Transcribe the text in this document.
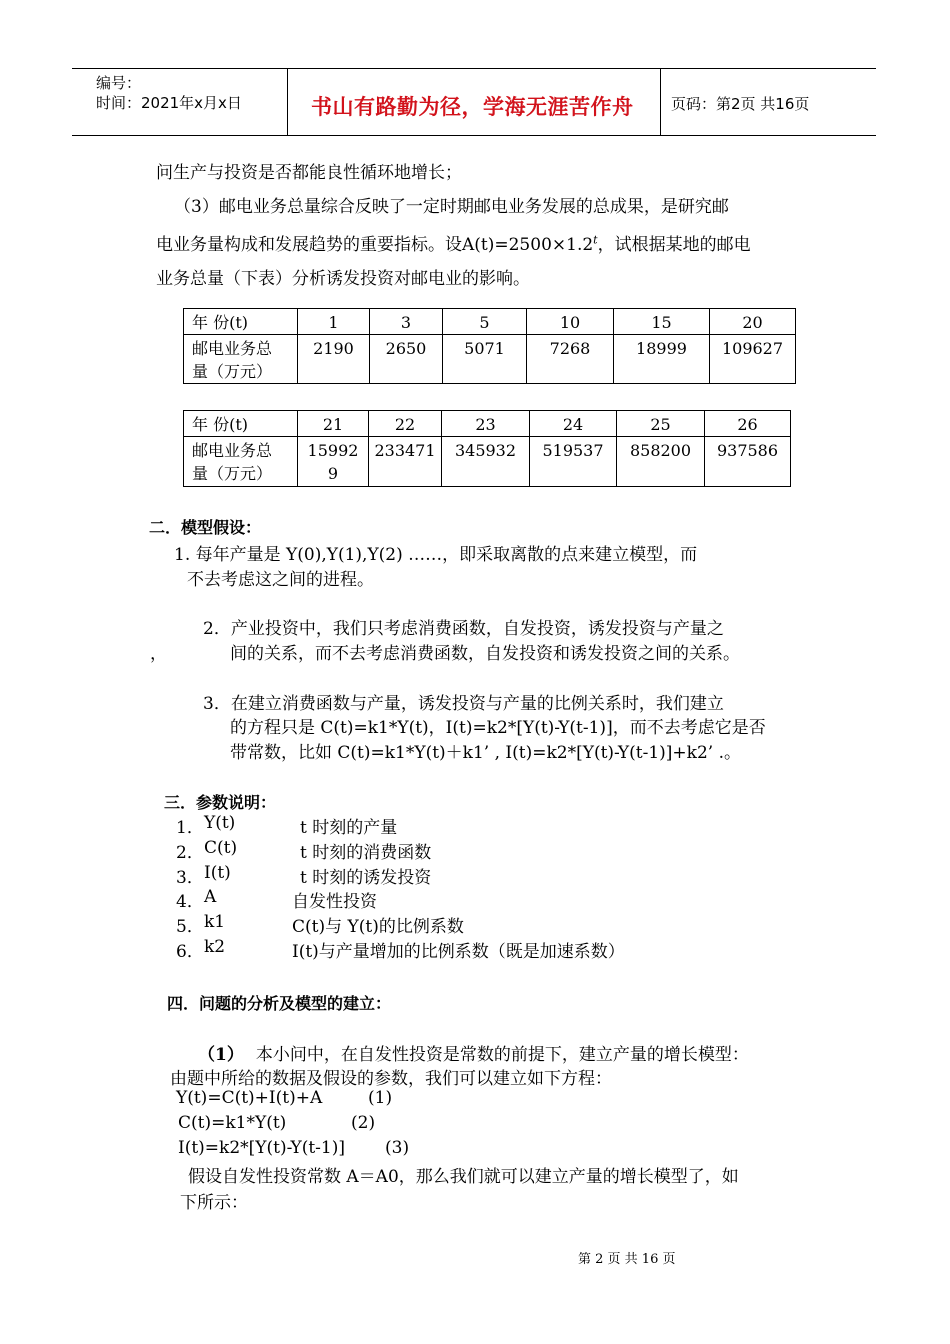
编号：
时间：2021年x月x日	书山有路勤为径，学海无涯苦作舟	页码：第2页 共16页
问生产与投资是否都能良性循环地增长；
（3）邮电业务总量综合反映了一定时期邮电业务发展的总成果，是研究邮
电业务量构成和发展趋势的重要指标。设$A(t)=2500\times 1.2^t$，试根据某地的邮电
业务总量（下表）分析诱发投资对邮电业的影响。
年 份(t)	1	3	5	10	15	20
邮电业务总
量（万元）	2190	2650	5071	7268	18999	109627
年 份(t)	21	22	23	24	25	26
邮电业务总
量（万元）	15992
9	233471	345932	519537	858200	937586
二．模型假设：
1. 每年产量是 Y(0),Y(1),Y(2) ……，即采取离散的点来建立模型，而
不去考虑这之间的进程。
2．产业投资中，我们只考虑消费函数，自发投资，诱发投资与产量之
，	间的关系，而不去考虑消费函数，自发投资和诱发投资之间的关系。
3．在建立消费函数与产量，诱发投资与产量的比例关系时，我们建立
的方程只是 C(t)=k1*Y(t)，I(t)=k2*[Y(t)-Y(t-1)]，而不去考虑它是否
带常数，比如 C(t)=k1*Y(t)＋k1’ , I(t)=k2*[Y(t)-Y(t-1)]+k2’ .。
三．参数说明：
1． Y(t)	t 时刻的产量
2． C(t)	t 时刻的消费函数
3． I(t)	t 时刻的诱发投资
4． A	自发性投资
5． k1	C(t)与 Y(t)的比例系数
6． k2	I(t)与产量增加的比例系数（既是加速系数）
四．问题的分析及模型的建立：
（1） 本小问中，在自发性投资是常数的前提下，建立产量的增长模型：
由题中所给的数据及假设的参数，我们可以建立如下方程：
Y(t)=C(t)+I(t)+A	(1)
C(t)=k1*Y(t)	(2)
I(t)=k2*[Y(t)-Y(t-1)] (3)
假设自发性投资常数 A＝A0，那么我们就可以建立产量的增长模型了，如
下所示：
第 2 页 共 16 页
